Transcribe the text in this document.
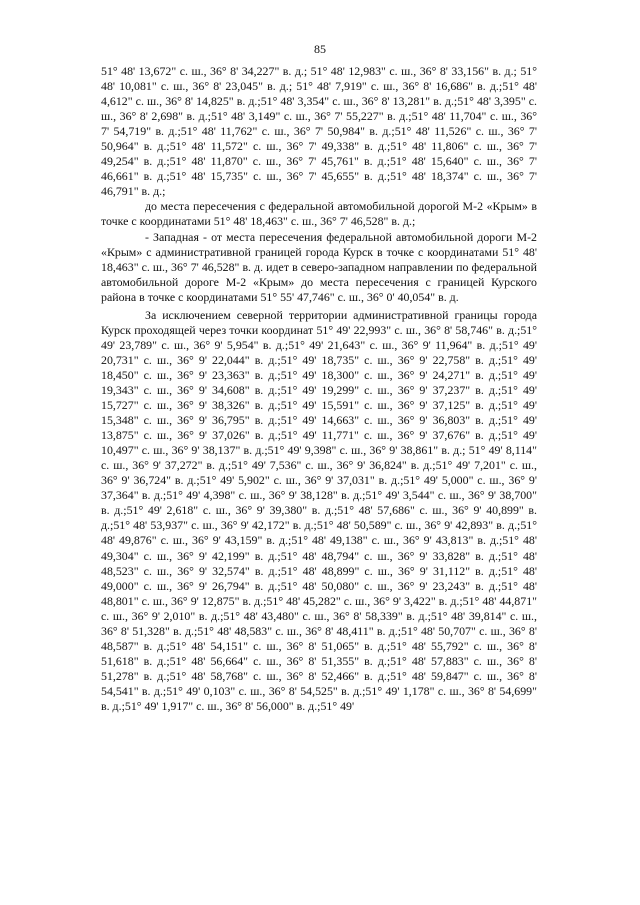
85

51° 48' 13,672" с. ш., 36° 8' 34,227" в. д.; 51° 48' 12,983" с. ш., 36° 8' 33,156" в. д.; 51° 48' 10,081" с. ш., 36° 8' 23,045" в. д.; 51° 48' 7,919" с. ш., 36° 8' 16,686" в. д.;51° 48' 4,612" с. ш., 36° 8' 14,825" в. д.;51° 48' 3,354" с. ш., 36° 8' 13,281" в. д.;51° 48' 3,395" с. ш., 36° 8' 2,698" в. д.;51° 48' 3,149" с. ш., 36° 7' 55,227" в. д.;51° 48' 11,704" с. ш., 36° 7' 54,719" в. д.;51° 48' 11,762" с. ш., 36° 7' 50,984" в. д.;51° 48' 11,526" с. ш., 36° 7' 50,964" в. д.;51° 48' 11,572" с. ш., 36° 7' 49,338" в. д.;51° 48' 11,806" с. ш., 36° 7' 49,254" в. д.;51° 48' 11,870" с. ш., 36° 7' 45,761" в. д.;51° 48' 15,640" с. ш., 36° 7' 46,661" в. д.;51° 48' 15,735" с. ш., 36° 7' 45,655" в. д.;51° 48' 18,374" с. ш., 36° 7' 46,791" в. д.;

до места пересечения с федеральной автомобильной дорогой М-2 «Крым» в точке с координатами 51° 48' 18,463" с. ш., 36° 7' 46,528" в. д.;

- Западная - от места пересечения федеральной автомобильной дороги М-2 «Крым» с административной границей города Курск в точке с координатами 51° 48' 18,463" с. ш., 36° 7' 46,528" в. д. идет в северо-западном направлении по федеральной автомобильной дороге М-2 «Крым» до места пересечения с границей Курского района в точке с координатами 51° 55' 47,746" с. ш., 36° 0' 40,054" в. д.

За исключением северной территории административной границы города Курск проходящей через точки координат 51° 49' 22,993" с. ш., 36° 8' 58,746" в. д.;51° 49' 23,789" с. ш., 36° 9' 5,954" в. д.;51° 49' 21,643" с. ш., 36° 9' 11,964" в. д.;51° 49' 20,731" с. ш., 36° 9' 22,044" в. д.;51° 49' 18,735" с. ш., 36° 9' 22,758" в. д.;51° 49' 18,450" с. ш., 36° 9' 23,363" в. д.;51° 49' 18,300" с. ш., 36° 9' 24,271" в. д.;51° 49' 19,343" с. ш., 36° 9' 34,608" в. д.;51° 49' 19,299" с. ш., 36° 9' 37,237" в. д.;51° 49' 15,727" с. ш., 36° 9' 38,326" в. д.;51° 49' 15,591" с. ш., 36° 9' 37,125" в. д.;51° 49' 15,348" с. ш., 36° 9' 36,795" в. д.;51° 49' 14,663" с. ш., 36° 9' 36,803" в. д.;51° 49' 13,875" с. ш., 36° 9' 37,026" в. д.;51° 49' 11,771" с. ш., 36° 9' 37,676" в. д.;51° 49' 10,497" с. ш., 36° 9' 38,137" в. д.;51° 49' 9,398" с. ш., 36° 9' 38,861" в. д.; 51° 49' 8,114" с. ш., 36° 9' 37,272" в. д.;51° 49' 7,536" с. ш., 36° 9' 36,824" в. д.;51° 49' 7,201" с. ш., 36° 9' 36,724" в. д.;51° 49' 5,902" с. ш., 36° 9' 37,031" в. д.;51° 49' 5,000" с. ш., 36° 9' 37,364" в. д.;51° 49' 4,398" с. ш., 36° 9' 38,128" в. д.;51° 49' 3,544" с. ш., 36° 9' 38,700" в. д.;51° 49' 2,618" с. ш., 36° 9' 39,380" в. д.;51° 48' 57,686" с. ш., 36° 9' 40,899" в. д.;51° 48' 53,937" с. ш., 36° 9' 42,172" в. д.;51° 48' 50,589" с. ш., 36° 9' 42,893" в. д.;51° 48' 49,876" с. ш., 36° 9' 43,159" в. д.;51° 48' 49,138" с. ш., 36° 9' 43,813" в. д.;51° 48' 49,304" с. ш., 36° 9' 42,199" в. д.;51° 48' 48,794" с. ш., 36° 9' 33,828" в. д.;51° 48' 48,523" с. ш., 36° 9' 32,574" в. д.;51° 48' 48,899" с. ш., 36° 9' 31,112" в. д.;51° 48' 49,000" с. ш., 36° 9' 26,794" в. д.;51° 48' 50,080" с. ш., 36° 9' 23,243" в. д.;51° 48' 48,801" с. ш., 36° 9' 12,875" в. д.;51° 48' 45,282" с. ш., 36° 9' 3,422" в. д.;51° 48' 44,871" с. ш., 36° 9' 2,010" в. д.;51° 48' 43,480" с. ш., 36° 8' 58,339" в. д.;51° 48' 39,814" с. ш., 36° 8' 51,328" в. д.;51° 48' 48,583" с. ш., 36° 8' 48,411" в. д.;51° 48' 50,707" с. ш., 36° 8' 48,587" в. д.;51° 48' 54,151" с. ш., 36° 8' 51,065" в. д.;51° 48' 55,792" с. ш., 36° 8' 51,618" в. д.;51° 48' 56,664" с. ш., 36° 8' 51,355" в. д.;51° 48' 57,883" с. ш., 36° 8' 51,278" в. д.;51° 48' 58,768" с. ш., 36° 8' 52,466" в. д.;51° 48' 59,847" с. ш., 36° 8' 54,541" в. д.;51° 49' 0,103" с. ш., 36° 8' 54,525" в. д.;51° 49' 1,178" с. ш., 36° 8' 54,699" в. д.;51° 49' 1,917" с. ш., 36° 8' 56,000" в. д.;51° 49'
